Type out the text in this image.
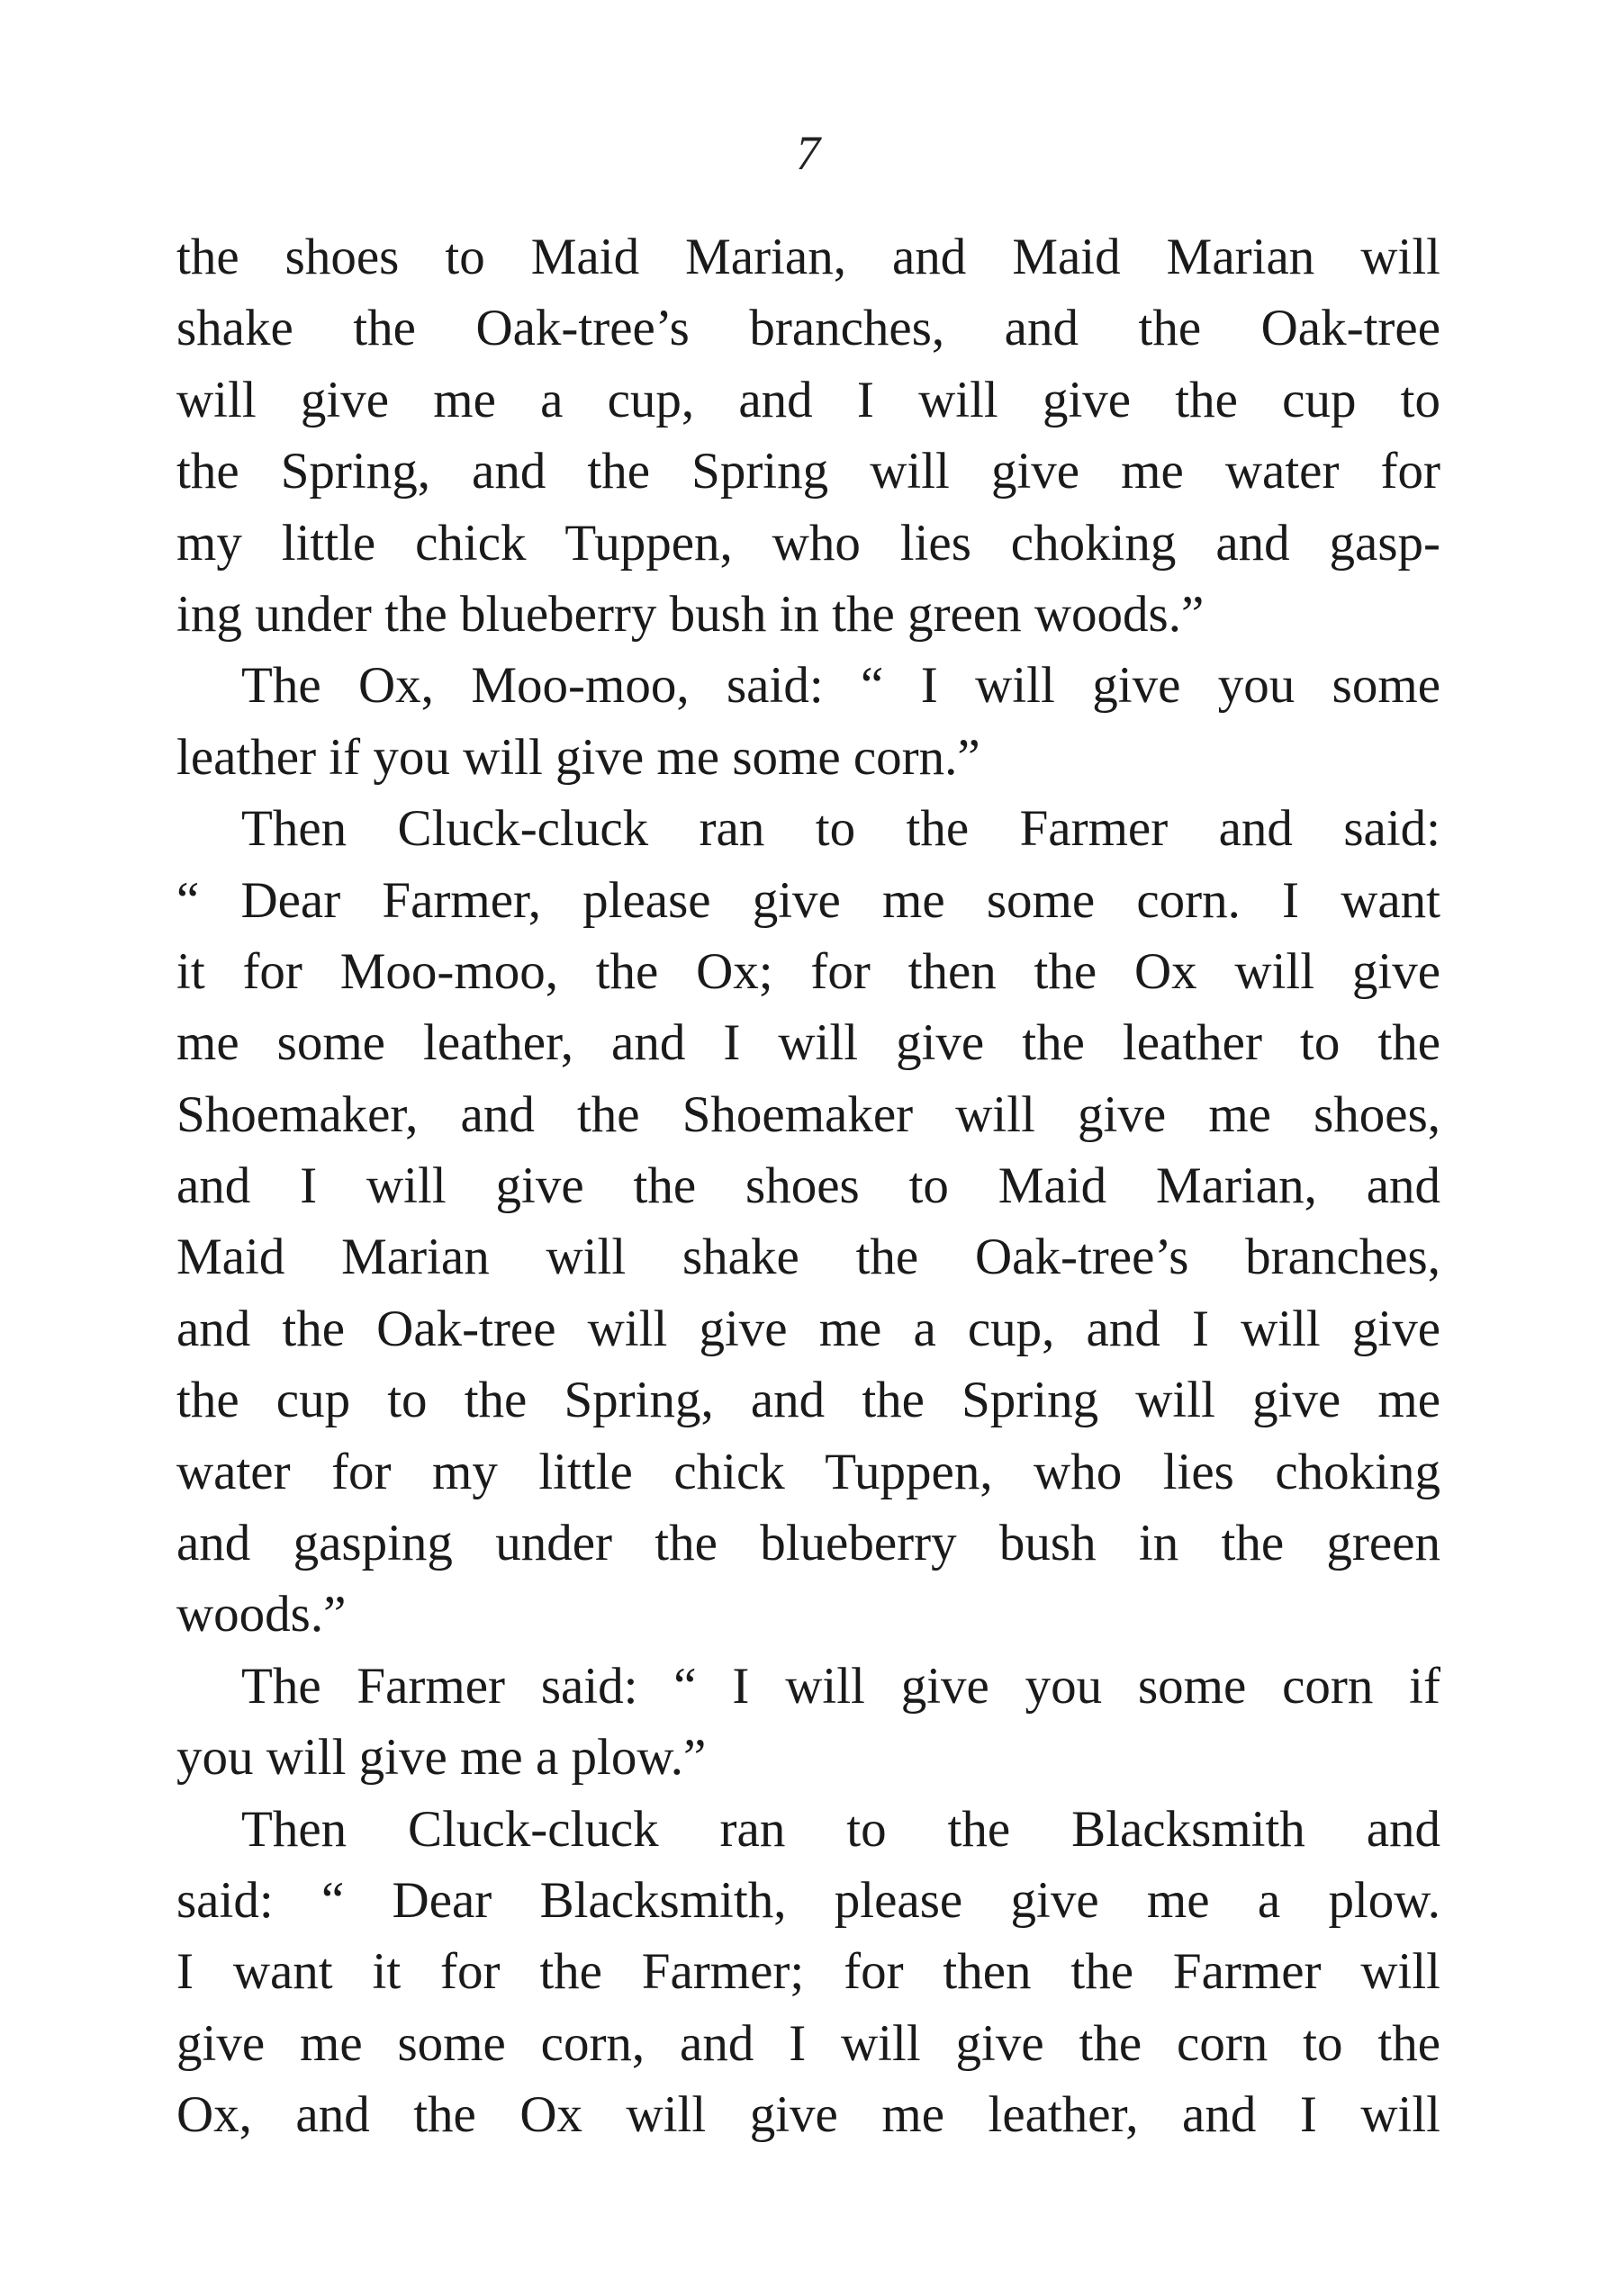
7
the shoes to Maid Marian, and Maid Marian will
shake the Oak-tree’s branches, and the Oak-tree
will give me a cup, and I will give the cup to
the Spring, and the Spring will give me water for
my little chick Tuppen, who lies choking and gasp-
ing under the blueberry bush in the green woods.”
The Ox, Moo-moo, said: “ I will give you some
leather if you will give me some corn.”
Then Cluck-cluck ran to the Farmer and said:
“ Dear Farmer, please give me some corn. I want
it for Moo-moo, the Ox; for then the Ox will give
me some leather, and I will give the leather to the
Shoemaker, and the Shoemaker will give me shoes,
and I will give the shoes to Maid Marian, and
Maid Marian will shake the Oak-tree’s branches,
and the Oak-tree will give me a cup, and I will give
the cup to the Spring, and the Spring will give me
water for my little chick Tuppen, who lies choking
and gasping under the blueberry bush in the green
woods.”
The Farmer said: “ I will give you some corn if
you will give me a plow.”
Then Cluck-cluck ran to the Blacksmith and
said: “ Dear Blacksmith, please give me a plow.
I want it for the Farmer; for then the Farmer will
give me some corn, and I will give the corn to the
Ox, and the Ox will give me leather, and I will
